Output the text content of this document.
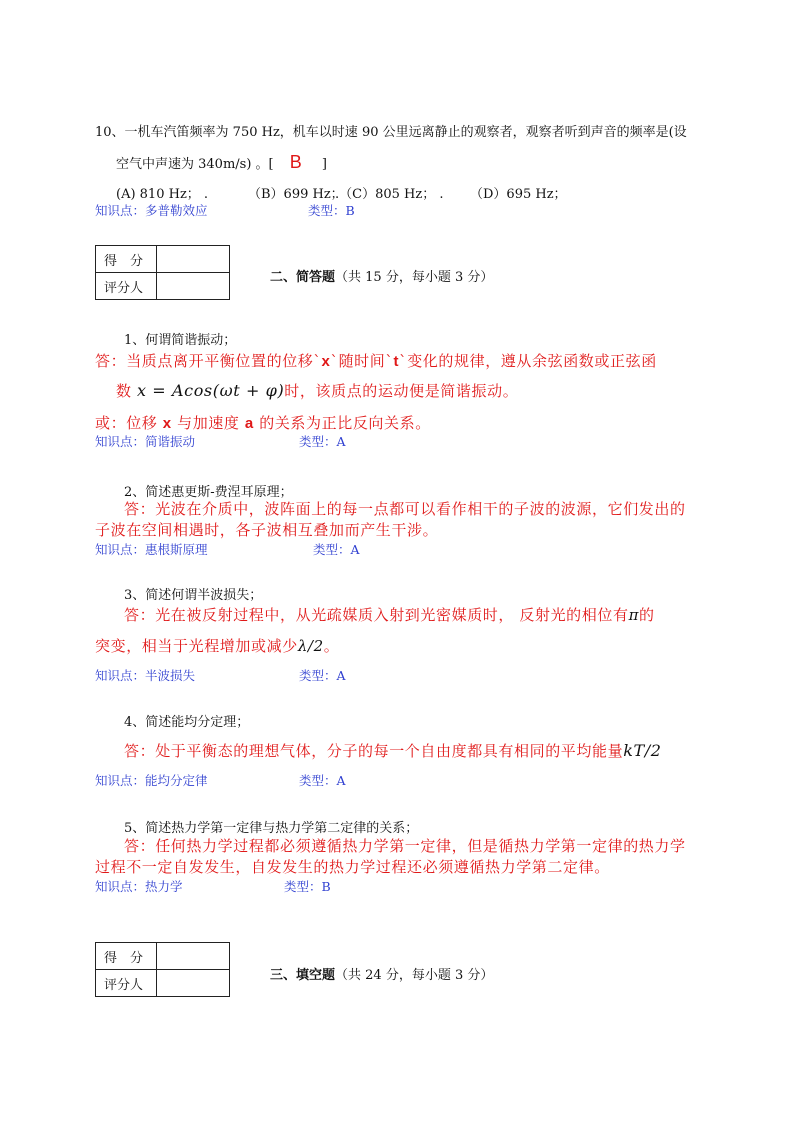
10、一机车汽笛频率为 750 Hz，机车以时速 90 公里远离静止的观察者，观察者听到声音的频率是(设
空气中声速为 340m/s) 。[ B ]
(A) 810 Hz； .	（B）699 Hz；
.（C）805 Hz； . （D）695 Hz；
知识点：多普勒效应	类型：B
得　分	
评分人	
二、简答题（共 15 分，每小题 3 分）
1、何谓简谐振动；
答：当质点离开平衡位置的位移`x`随时间`t`变化的规律，遵从余弦函数或正弦函
数 x = Acos(ωt + φ)时，该质点的运动便是简谐振动。
或：位移 x 与加速度 a 的关系为正比反向关系。
知识点：简谐振动	类型：A
2、简述惠更斯-费涅耳原理；
答：光波在介质中，波阵面上的每一点都可以看作相干的子波的波源，它们发出的
子波在空间相遇时，各子波相互叠加而产生干涉。
知识点：惠根斯原理	类型：A
3、简述何谓半波损失；
答：光在被反射过程中，从光疏媒质入射到光密媒质时， 反射光的相位有π的
突变，相当于光程增加或减少λ/2。
知识点：半波损失	类型：A
4、简述能均分定理；
答：处于平衡态的理想气体，分子的每一个自由度都具有相同的平均能量kT/2
知识点：能均分定律	类型：A
5、简述热力学第一定律与热力学第二定律的关系；
答：任何热力学过程都必须遵循热力学第一定律，但是循热力学第一定律的热力学
过程不一定自发发生，自发发生的热力学过程还必须遵循热力学第二定律。
知识点：热力学	类型：B
得　分	
评分人	
三、填空题（共 24 分，每小题 3 分）
